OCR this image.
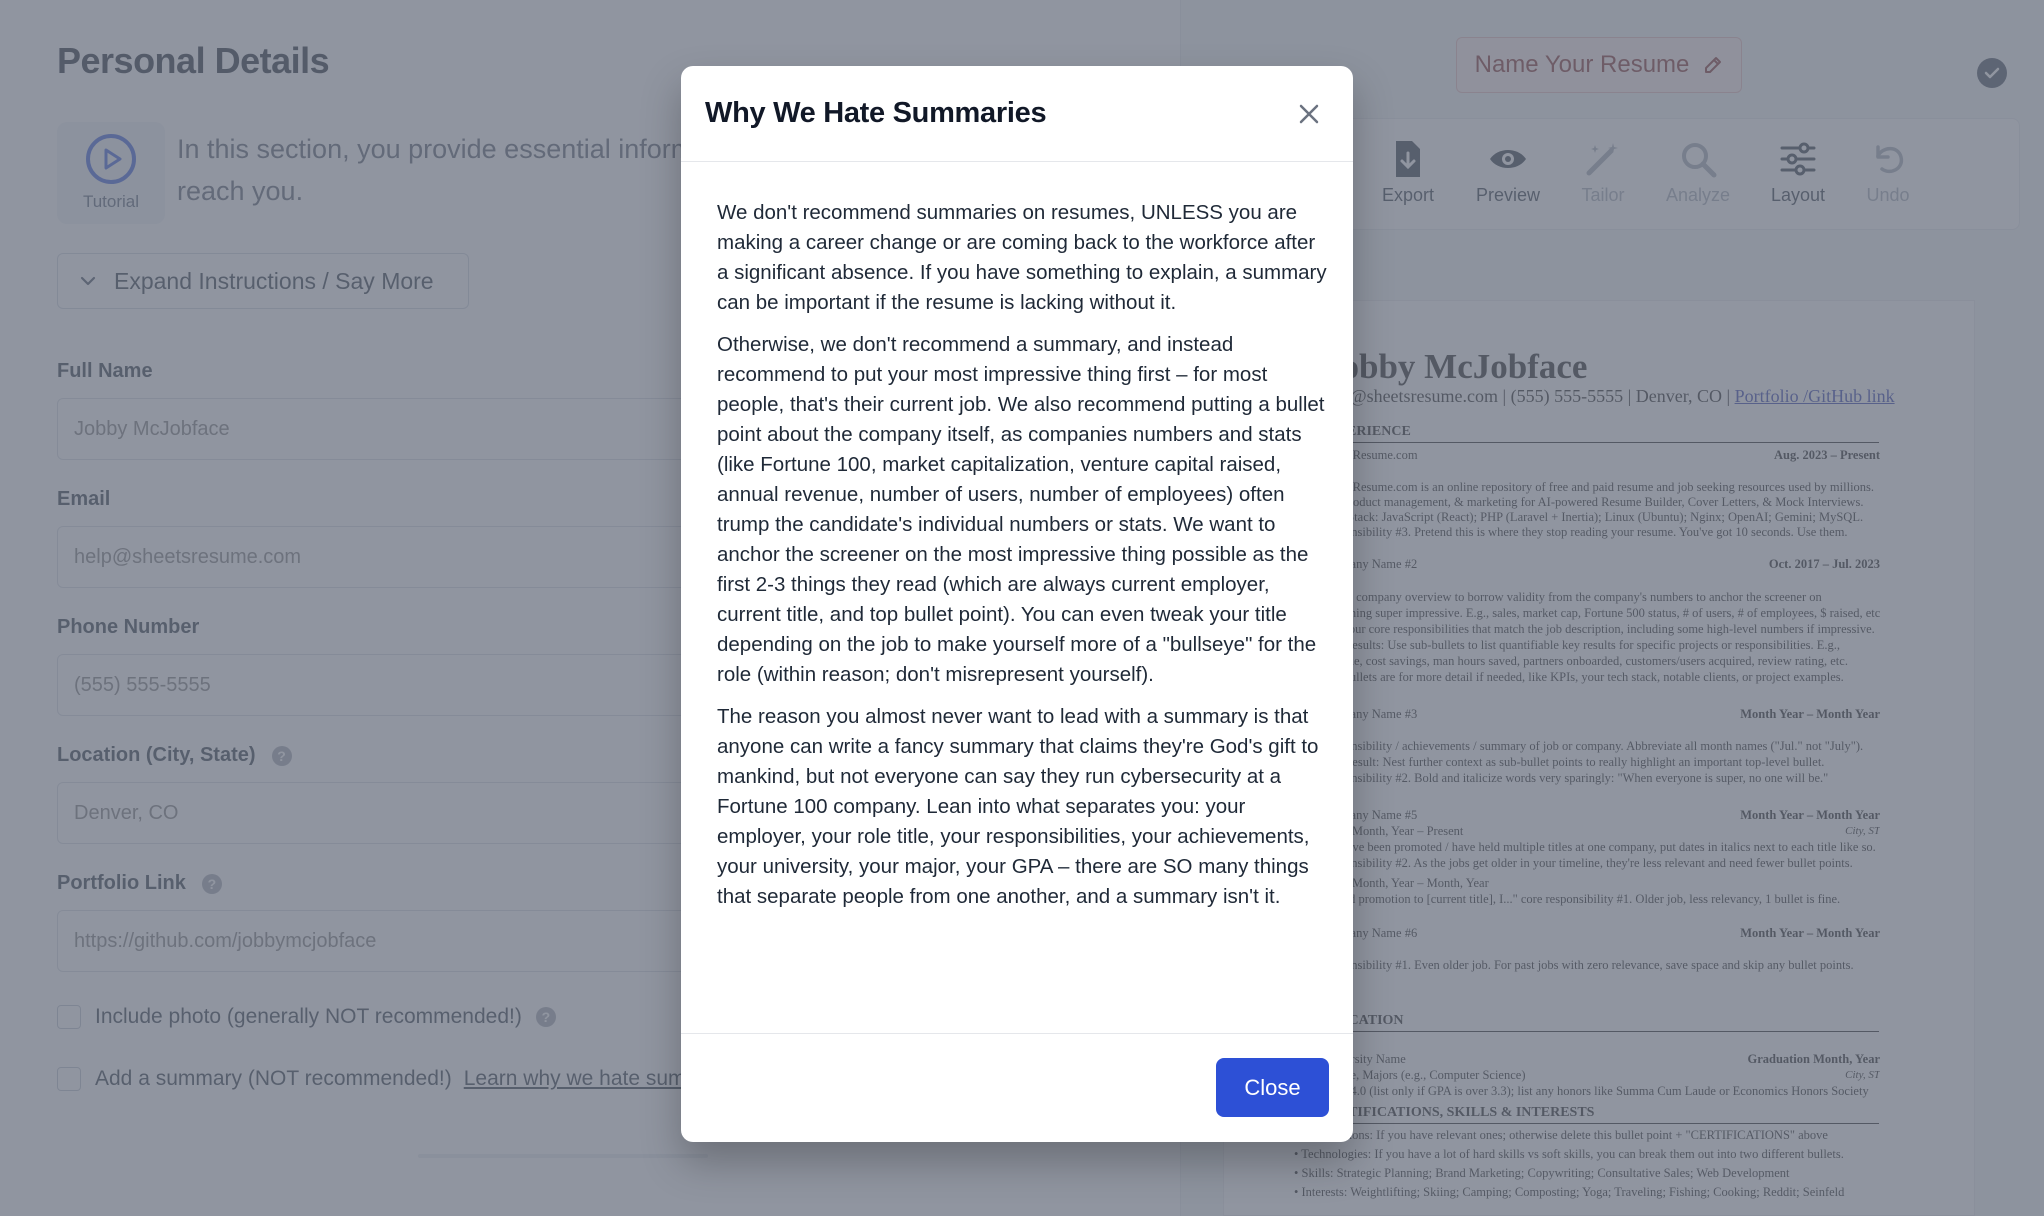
Jobby McJobface
help@sheetsresume.com
(555) 555-5555
Denver, CO
https://github.com/jobbymcjobface
Why We Hate Summaries

We don't recommend summaries on resumes, UNLESS you are making a career change or are coming back to the workforce after a significant absence. If you have something to explain, a summary can be important if the resume is lacking without it.

Otherwise, we don't recommend a summary, and instead recommend to put your most impressive thing first – for most people, that's their current job. We also recommend putting a bullet point about the company itself, as companies numbers and stats (like Fortune 100, market capitalization, venture capital raised, annual revenue, number of users, number of employees) often trump the candidate's individual numbers or stats. We want to anchor the screener on the most impressive thing possible as the first 2-3 things they read (which are always current employer, current title, and top bullet point). You can even tweak your title depending on the job to make yourself more of a "bullseye" for the role (within reason; don't misrepresent yourself).

The reason you almost never want to lead with a summary is that anyone can write a fancy summary that claims they're God's gift to mankind, but not everyone can say they run cybersecurity at a Fortune 100 company. Lean into what separates you: your employer, your role title, your responsibilities, your achievements, your university, your major, your GPA – there are SO many things that separate people from one another, and a summary isn't it.

Close
